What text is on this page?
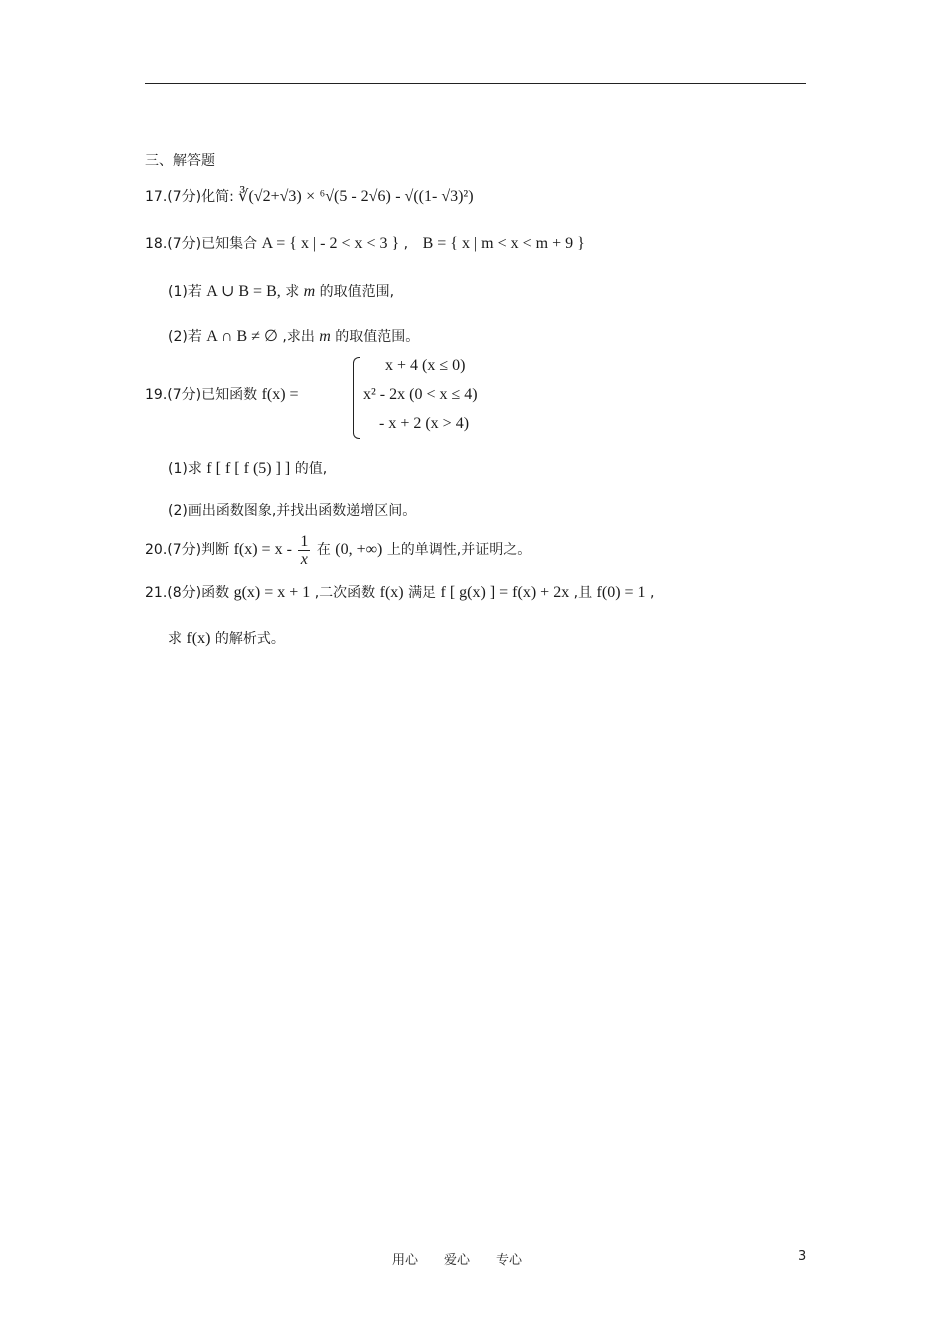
三、解答题
17.(7分)化简: ∛(√2+√3) × ⁶√(5 - 2√6) - √((1- √3)²)
18.(7分)已知集合 A = { x | - 2 < x < 3 } , B = { x | m < x < m + 9 }
(1)若 A ∪ B = B, 求 m 的取值范围,
(2)若 A ∩ B ≠ ∅ ,求出 m 的取值范围。
19.(7分)已知函数 f(x) =
x + 4 (x ≤ 0)
x² - 2x (0 < x ≤ 4)
- x + 2 (x > 4)
(1)求 f [ f [ f (5) ] ] 的值,
(2)画出函数图象,并找出函数递增区间。
20.(7分)判断 $f(x) = x - \frac{1}{x}$ 在 (0, +∞) 上的单调性,并证明之。
21.(8分)函数 g(x) = x + 1 ,二次函数 f(x) 满足 f [ g(x) ] = f(x) + 2x ,且 f(0) = 1 ,
求 f(x) 的解析式。
用心　　爱心　　专心	3
